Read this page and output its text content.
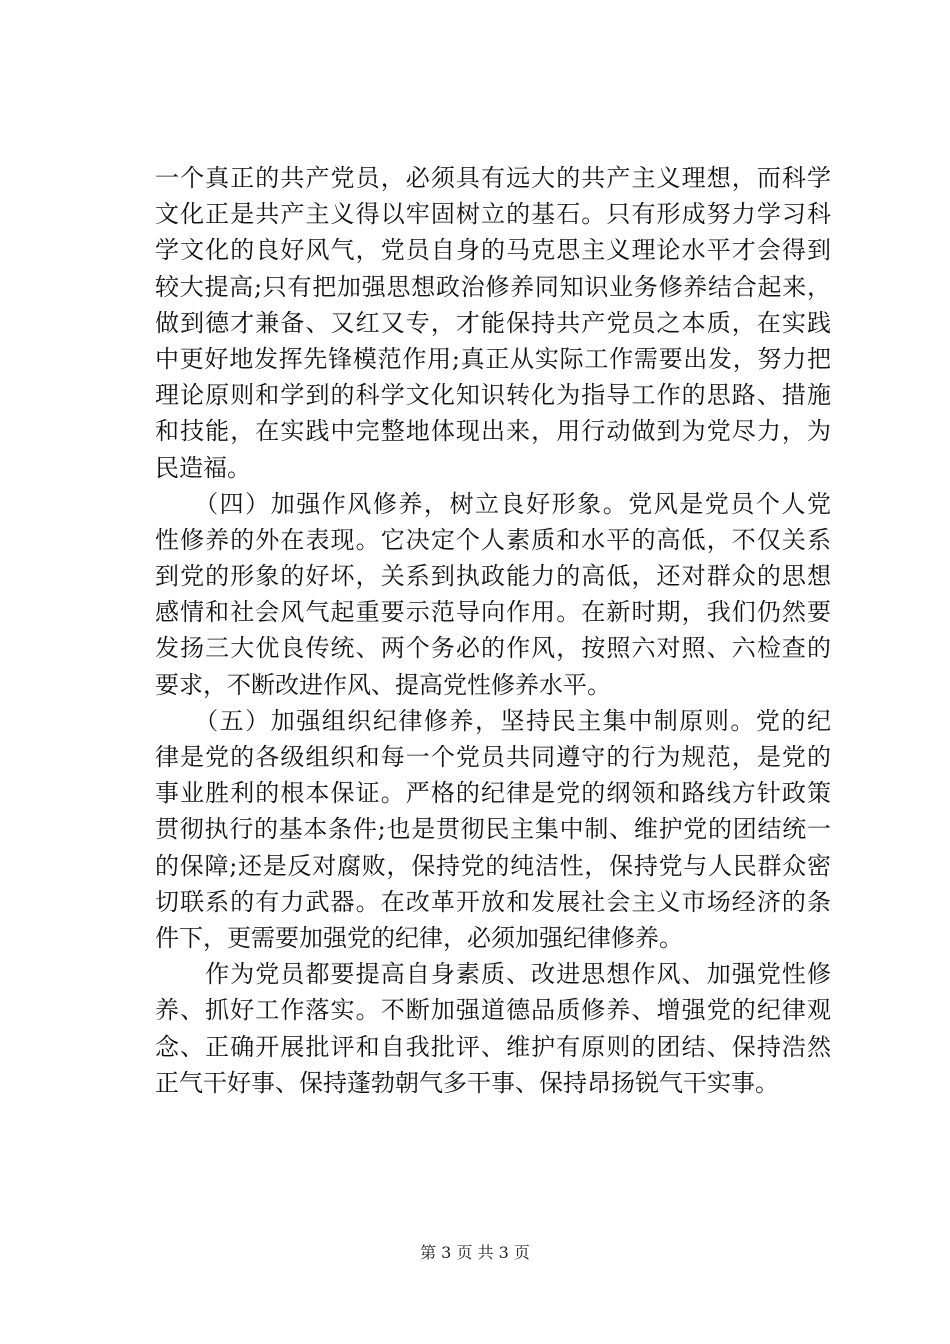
一个真正的共产党员，必须具有远大的共产主义理想，而科学
文化正是共产主义得以牢固树立的基石。只有形成努力学习科
学文化的良好风气，党员自身的马克思主义理论水平才会得到
较大提高;只有把加强思想政治修养同知识业务修养结合起来，
做到德才兼备、又红又专，才能保持共产党员之本质，在实践
中更好地发挥先锋模范作用;真正从实际工作需要出发，努力把
理论原则和学到的科学文化知识转化为指导工作的思路、措施
和技能，在实践中完整地体现出来，用行动做到为党尽力，为
民造福。
　　（四）加强作风修养，树立良好形象。党风是党员个人党
性修养的外在表现。它决定个人素质和水平的高低，不仅关系
到党的形象的好坏，关系到执政能力的高低，还对群众的思想
感情和社会风气起重要示范导向作用。在新时期，我们仍然要
发扬三大优良传统、两个务必的作风，按照六对照、六检查的
要求，不断改进作风、提高党性修养水平。
　　（五）加强组织纪律修养，坚持民主集中制原则。党的纪
律是党的各级组织和每一个党员共同遵守的行为规范，是党的
事业胜利的根本保证。严格的纪律是党的纲领和路线方针政策
贯彻执行的基本条件;也是贯彻民主集中制、维护党的团结统一
的保障;还是反对腐败，保持党的纯洁性，保持党与人民群众密
切联系的有力武器。在改革开放和发展社会主义市场经济的条
件下，更需要加强党的纪律，必须加强纪律修养。
　　作为党员都要提高自身素质、改进思想作风、加强党性修
养、抓好工作落实。不断加强道德品质修养、增强党的纪律观
念、正确开展批评和自我批评、维护有原则的团结、保持浩然
正气干好事、保持蓬勃朝气多干事、保持昂扬锐气干实事。
第 3 页 共 3 页
